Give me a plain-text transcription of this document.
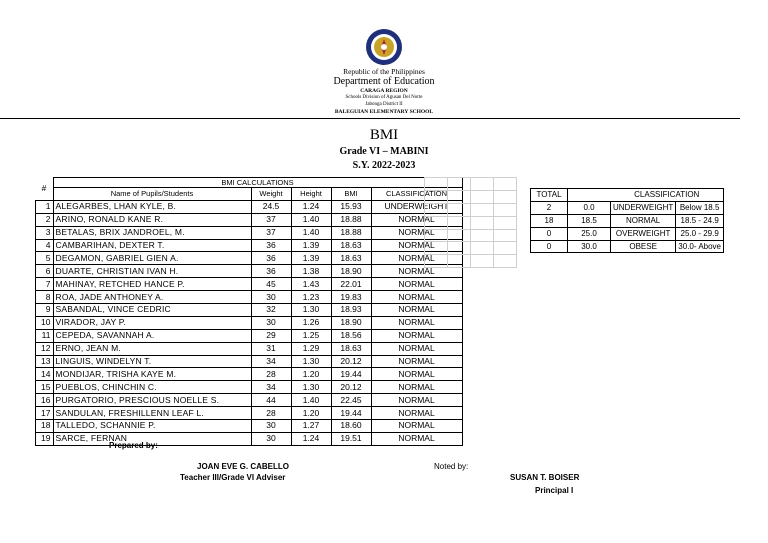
Republic of the Philippines
Department of Education
CARAGA REGION
Schools Division of Agusan Del Norte
Jabonga District II
BALEGUIAN ELEMENTARY SCHOOL
BMI
Grade VI – MABINI
S.Y. 2022-2023
#	BMI CALCULATIONS				
	Name of Pupils/Students	Weight	Height	BMI	CLASSIFICATION
1	ALEGARBES, LHAN KYLE, B.	24.5	1.24	15.93	UNDERWEIGHT
2	ARINO, RONALD KANE R.	37	1.40	18.88	NORMAL
3	BETALAS, BRIX JANDROEL, M.	37	1.40	18.88	NORMAL
4	CAMBARIHAN, DEXTER T.	36	1.39	18.63	NORMAL
5	DEGAMON, GABRIEL GIEN A.	36	1.39	18.63	NORMAL
6	DUARTE, CHRISTIAN IVAN H.	36	1.38	18.90	NORMAL
7	MAHINAY, RETCHED HANCE P.	45	1.43	22.01	NORMAL
8	ROA, JADE ANTHONEY A.	30	1.23	19.83	NORMAL
9	SABANDAL, VINCE CEDRIC	32	1.30	18.93	NORMAL
10	VIRADOR, JAY P.	30	1.26	18.90	NORMAL
11	CEPEDA, SAVANNAH A.	29	1.25	18.56	NORMAL
12	ERNO, JEAN M.	31	1.29	18.63	NORMAL
13	LINGUIS, WINDELYN T.	34	1.30	20.12	NORMAL
14	MONDIJAR, TRISHA KAYE M.	28	1.20	19.44	NORMAL
15	PUEBLOS, CHINCHIN C.	34	1.30	20.12	NORMAL
16	PURGATORIO, PRESCIOUS NOELLE S.	44	1.40	22.45	NORMAL
17	SANDULAN, FRESHILLENN LEAF L.	28	1.20	19.44	NORMAL
18	TALLEDO, SCHANNIE P.	30	1.27	18.60	NORMAL
19	SARCE, FERNAN	30	1.24	19.51	NORMAL

TOTAL		CLASSIFICATION	
2	0.0	UNDERWEIGHT	Below 18.5
18	18.5	NORMAL	18.5 - 24.9
0	25.0	OVERWEIGHT	25.0 - 29.9
0	30.0	OBESE	30.0- Above
Prepared by:
JOAN EVE G. CABELLO
Teacher III/Grade VI Adviser
Noted by:
SUSAN T. BOISER
Principal I
